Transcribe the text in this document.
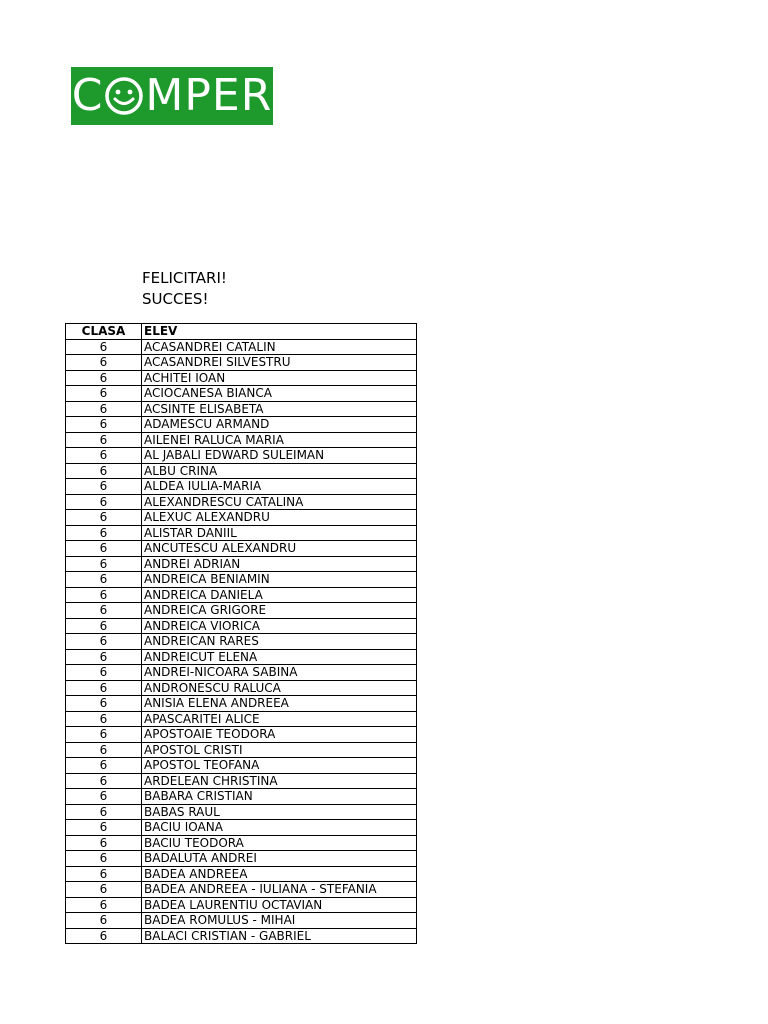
C MPER
FELICITARI!
SUCCES!
CLASA	ELEV
6	ACASANDREI CATALIN
6	ACASANDREI SILVESTRU
6	ACHITEI IOAN
6	ACIOCANESA BIANCA
6	ACSINTE ELISABETA
6	ADAMESCU ARMAND
6	AILENEI RALUCA MARIA
6	AL JABALI EDWARD SULEIMAN
6	ALBU CRINA
6	ALDEA IULIA-MARIA
6	ALEXANDRESCU CATALINA
6	ALEXUC ALEXANDRU
6	ALISTAR DANIIL
6	ANCUTESCU ALEXANDRU
6	ANDREI ADRIAN
6	ANDREICA BENIAMIN
6	ANDREICA DANIELA
6	ANDREICA GRIGORE
6	ANDREICA VIORICA
6	ANDREICAN RARES
6	ANDREICUT ELENA
6	ANDREI-NICOARA SABINA
6	ANDRONESCU RALUCA
6	ANISIA ELENA ANDREEA
6	APASCARITEI ALICE
6	APOSTOAIE TEODORA
6	APOSTOL CRISTI
6	APOSTOL TEOFANA
6	ARDELEAN CHRISTINA
6	BABARA CRISTIAN
6	BABAS RAUL
6	BACIU IOANA
6	BACIU TEODORA
6	BADALUTA ANDREI
6	BADEA ANDREEA
6	BADEA ANDREEA - IULIANA - STEFANIA
6	BADEA LAURENTIU OCTAVIAN
6	BADEA ROMULUS - MIHAI
6	BALACI CRISTIAN - GABRIEL
